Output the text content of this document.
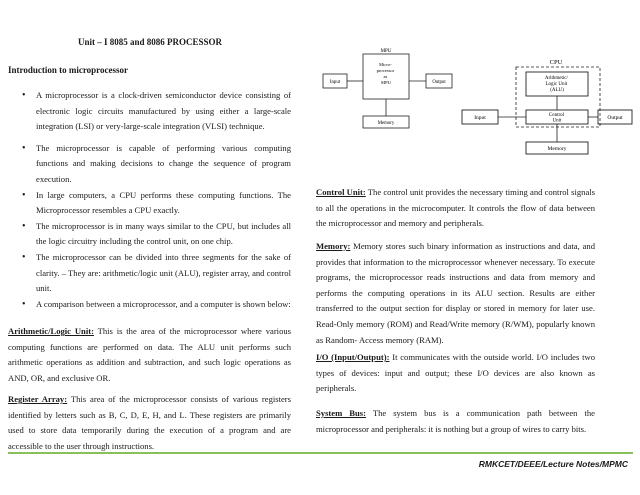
Unit – I 8085 and 8086 PROCESSOR
Introduction to microprocessor
• A microprocessor is a clock-driven semiconductor device consisting of electronic logic circuits manufactured by using either a large-scale integration (LSI) or very-large-scale integration (VLSI) technique.
• The microprocessor is capable of performing various computing functions and making decisions to change the sequence of program execution.
• In large computers, a CPU performs these computing functions. The Microprocessor resembles a CPU exactly.
• The microprocessor is in many ways similar to the CPU, but includes all the logic circuitry including the control unit, on one chip.
• The microprocessor can be divided into three segments for the sake of clarity. – They are: arithmetic/logic unit (ALU), register array, and control unit.
• A comparison between a microprocessor, and a computer is shown below:
Arithmetic/Logic Unit: This is the area of the microprocessor where various computing functions are performed on data. The ALU unit performs such arithmetic operations as addition and subtraction, and such logic operations as AND, OR, and exclusive OR.
Register Array: This area of the microprocessor consists of various registers identified by letters such as B, C, D, E, H, and L. These registers are primarily used to store data temporarily during the execution of a program and are accessible to the user through instructions.
Control Unit: The control unit provides the necessary timing and control signals to all the operations in the microcomputer. It controls the flow of data between the microprocessor and memory and peripherals.
Memory: Memory stores such binary information as instructions and data, and provides that information to the microprocessor whenever necessary. To execute programs, the microprocessor reads instructions and data from memory and performs the computing operations in its ALU section. Results are either transferred to the output section for display or stored in memory for later use. Read-Only memory (ROM) and Read/Write memory (R/WM), popularly known as Random- Access memory (RAM).
I/O (Input/Output): It communicates with the outside world. I/O includes two types of devices: input and output; these I/O devices are also known as peripherals.
System Bus: The system bus is a communication path between the microprocessor and peripherals: it is nothing but a group of wires to carry bits.
MPU
Micro- processor as MPU
Input	Output
Memory
CPU
Arithmetic/ Logic Unit (ALU)
Control Unit
Input	Output
Memory
RMKCET/DEEE/Lecture Notes/MPMC
